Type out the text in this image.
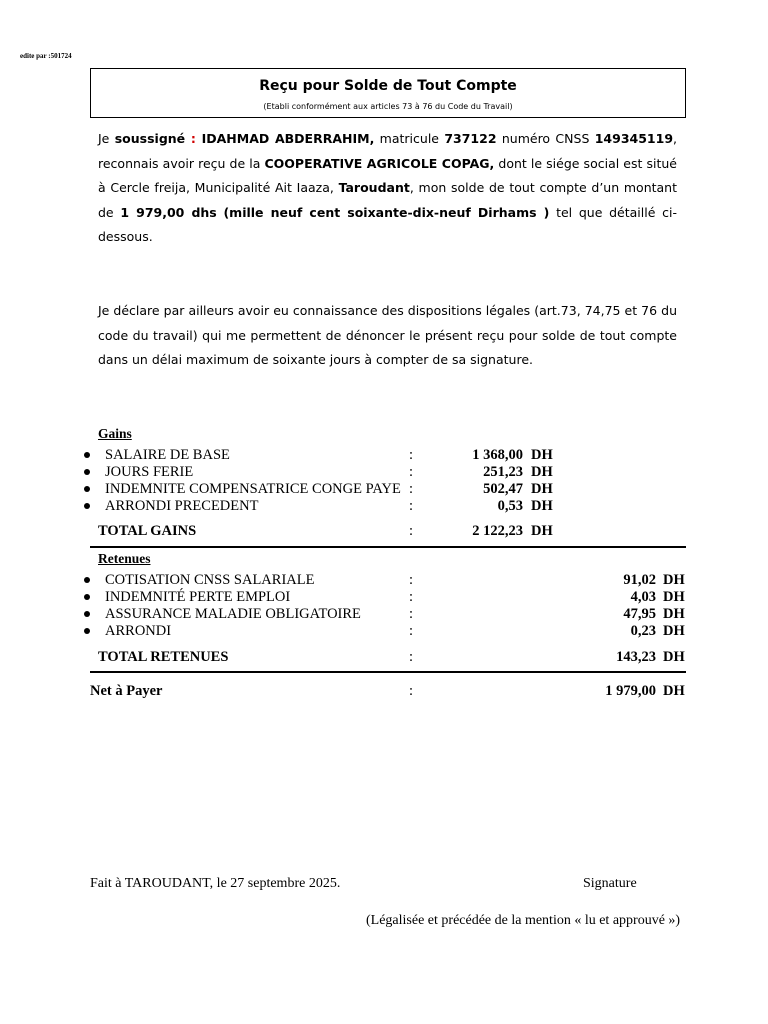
edite par :501724
Reçu pour Solde de Tout Compte
(Etabli conformément aux articles 73 à 76 du Code du Travail)
Je soussigné : IDAHMAD ABDERRAHIM, matricule 737122 numéro CNSS 149345119, reconnais avoir reçu de la COOPERATIVE AGRICOLE COPAG, dont le siége social est situé à Cercle freija, Municipalité Ait Iaaza, Taroudant, mon solde de tout compte d’un montant de 1 979,00 dhs (mille neuf cent soixante-dix-neuf Dirhams ) tel que détaillé ci-dessous.
Je déclare par ailleurs avoir eu connaissance des dispositions légales (art.73, 74,75 et 76 du code du travail) qui me permettent de dénoncer le présent reçu pour solde de tout compte dans un délai maximum de soixante jours à compter de sa signature.
Gains
SALAIRE DE BASE	:	1 368,00 DH
JOURS FERIE	:	251,23 DH
INDEMNITE COMPENSATRICE CONGE PAYE :	502,47 DH
ARRONDI PRECEDENT	:	0,53 DH
TOTAL GAINS	:	2 122,23 DH
Retenues
COTISATION CNSS SALARIALE	:	91,02 DH
INDEMNITÉ PERTE EMPLOI	:	4,03 DH
ASSURANCE MALADIE OBLIGATOIRE	:	47,95 DH
ARRONDI	:	0,23 DH
TOTAL RETENUES	:	143,23 DH
Net à Payer	:	1 979,00 DH
Fait à TAROUDANT, le 27 septembre 2025.	Signature
(Légalisée et précédée de la mention « lu et approuvé »)
